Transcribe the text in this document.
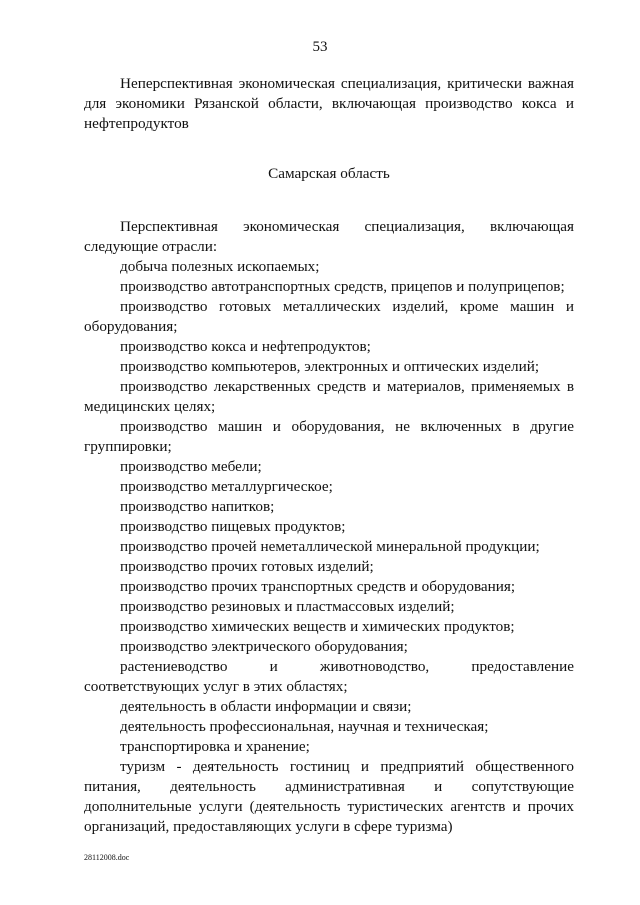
53

Неперспективная экономическая специализация, критически важная для экономики Рязанской области, включающая производство кокса и нефтепродуктов

Самарская область

Перспективная экономическая специализация, включающая следующие отрасли:

добыча полезных ископаемых;

производство автотранспортных средств, прицепов и полуприцепов;

производство готовых металлических изделий, кроме машин и оборудования;

производство кокса и нефтепродуктов;

производство компьютеров, электронных и оптических изделий;

производство лекарственных средств и материалов, применяемых в медицинских целях;

производство машин и оборудования, не включенных в другие группировки;

производство мебели;

производство металлургическое;

производство напитков;

производство пищевых продуктов;

производство прочей неметаллической минеральной продукции;

производство прочих готовых изделий;

производство прочих транспортных средств и оборудования;

производство резиновых и пластмассовых изделий;

производство химических веществ и химических продуктов;

производство электрического оборудования;

растениеводство и животноводство, предоставление соответствующих услуг в этих областях;

деятельность в области информации и связи;

деятельность профессиональная, научная и техническая;

транспортировка и хранение;

туризм - деятельность гостиниц и предприятий общественного питания, деятельность административная и сопутствующие дополнительные услуги (деятельность туристических агентств и прочих организаций, предоставляющих услуги в сфере туризма)

28112008.doc
